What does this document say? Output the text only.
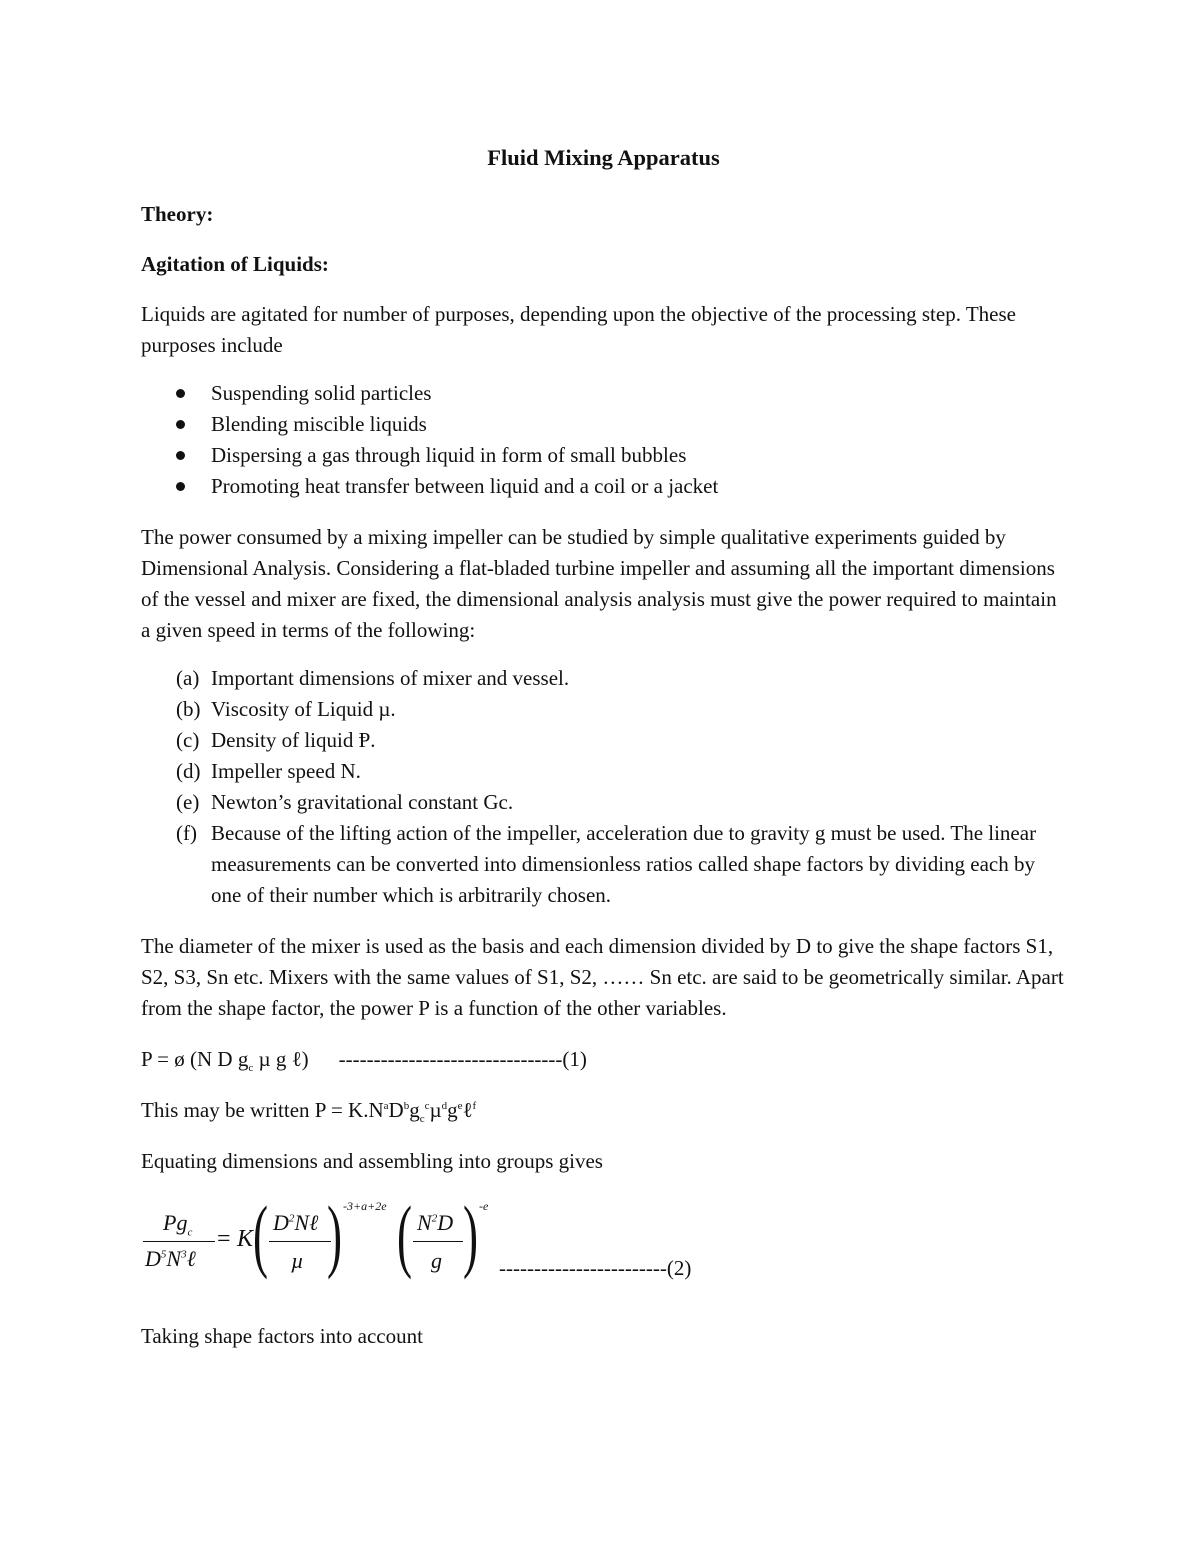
Fluid Mixing Apparatus
Theory:
Agitation of Liquids:

Liquids are agitated for number of purposes, depending upon the objective of the processing step. These purposes include

Suspending solid particles
Blending miscible liquids
Dispersing a gas through liquid in form of small bubbles
Promoting heat transfer between liquid and a coil or a jacket

The power consumed by a mixing impeller can be studied by simple qualitative experiments guided by Dimensional Analysis. Considering a flat-bladed turbine impeller and assuming all the important dimensions of the vessel and mixer are fixed, the dimensional analysis analysis must give the power required to maintain a given speed in terms of the following:

(a) Important dimensions of mixer and vessel.
(b) Viscosity of Liquid µ.
(c) Density of liquid Ᵽ.
(d) Impeller speed N.
(e) Newton’s gravitational constant Gc.
(f) Because of the lifting action of the impeller, acceleration due to gravity g must be used. The linear measurements can be converted into dimensionless ratios called shape factors by dividing each by one of their number which is arbitrarily chosen.

The diameter of the mixer is used as the basis and each dimension divided by D to give the shape factors S1, S2, S3, Sn etc. Mixers with the same values of S1, S2, …… Sn etc. are said to be geometrically similar. Apart from the shape factor, the power P is a function of the other variables.

P = ø (N D $g_c$ µ g ℓ) --------------------------------(1)
This may be written $P = K.N^aD^bg_c^c\mu^dg^e\ell^f$

Equating dimensions and assembling into groups gives

$Pg_c$
$D^5N^3\ell$
= K ( $D^2N\ell$
µ ) -3+a+2e ( $N^2D$
g ) -e
------------------------(2)

Taking shape factors into account
